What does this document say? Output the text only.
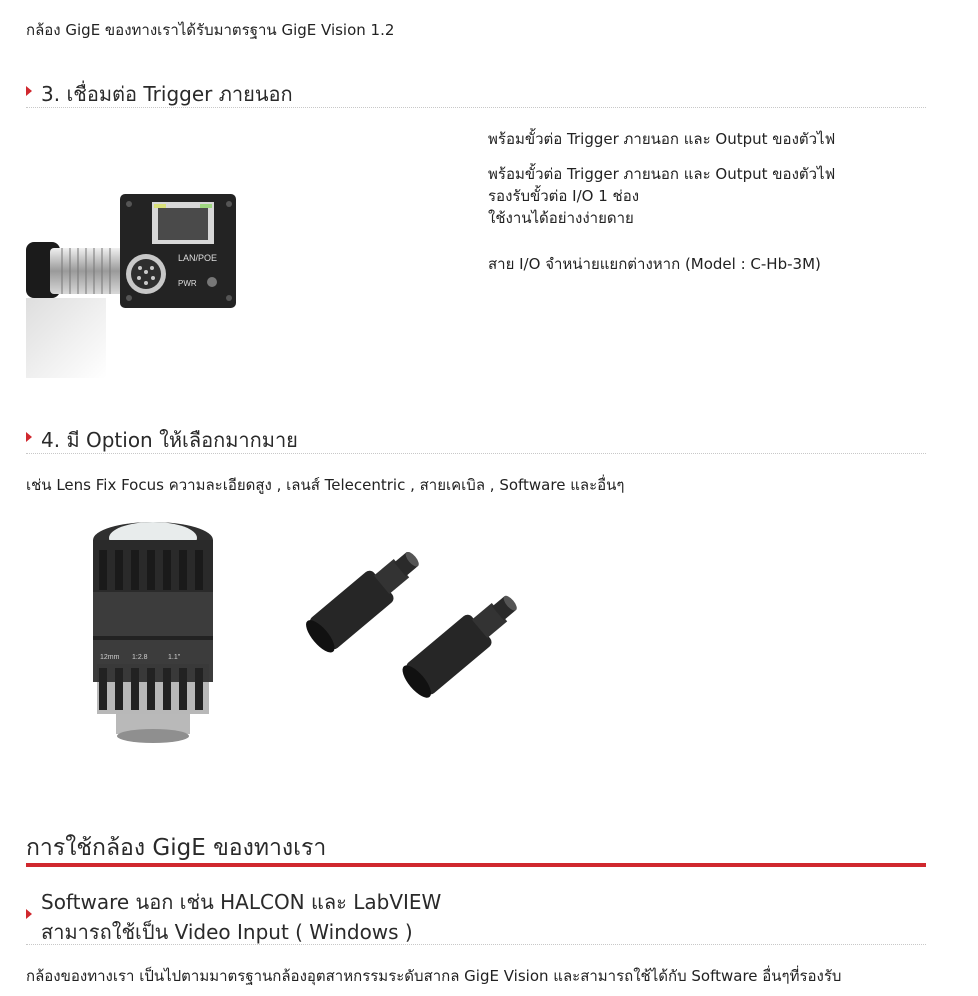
กล้อง GigE ของทางเราได้รับมาตรฐาน GigE Vision 1.2
3. เชื่อมต่อ Trigger ภายนอก
LAN/POE
PWR
พร้อมขั้วต่อ Trigger ภายนอก และ Output ของตัวไฟ
พร้อมขั้วต่อ Trigger ภายนอก และ Output ของตัวไฟ
รองรับขั้วต่อ I/O 1 ช่อง
ใช้งานได้อย่างง่ายดาย
สาย I/O จำหน่ายแยกต่างหาก (Model : C-Hb-3M)
4. มี Option ให้เลือกมากมาย
เช่น Lens Fix Focus ความละเอียดสูง , เลนส์ Telecentric , สายเคเบิล , Software และอื่นๆ
12mm 1:2.8	1.1"
การใช้กล้อง GigE ของทางเรา
Software นอก เช่น HALCON และ LabVIEW
สามารถใช้เป็น Video Input ( Windows )
กล้องของทางเรา เป็นไปตามมาตรฐานกล้องอุตสาหกรรมระดับสากล GigE Vision และสามารถใช้ได้กับ Software อื่นๆที่รองรับ
